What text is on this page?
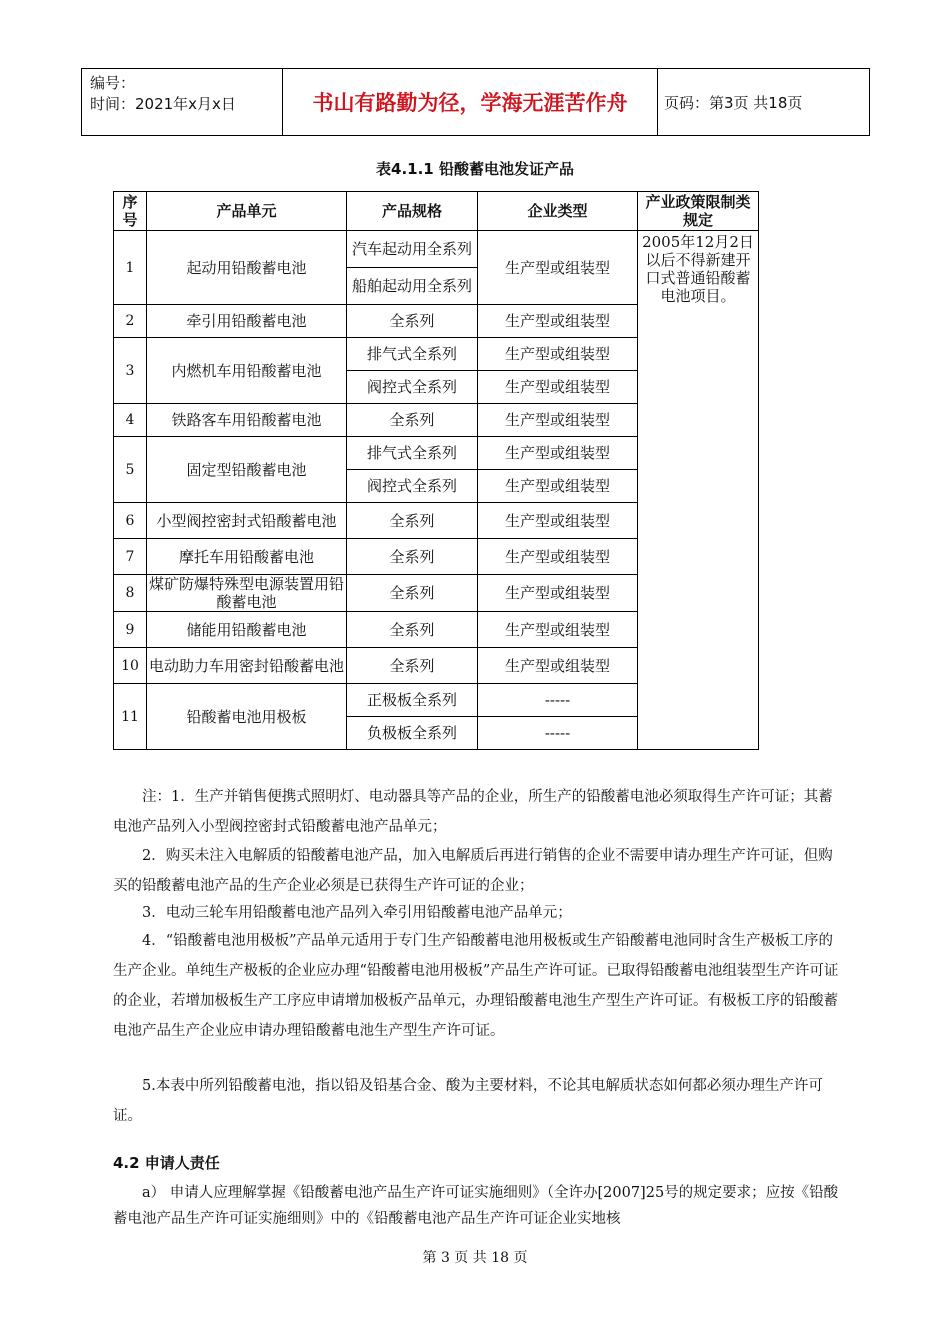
编号：
时间：2021年x月x日	书山有路勤为径，学海无涯苦作舟	页码：第3页 共18页
表4.1.1 铅酸蓄电池发证产品
序号	产品单元	产品规格	企业类型	产业政策限制类规定
1	起动用铅酸蓄电池	汽车起动用全系列	生产型或组装型	2005年12月2日以后不得新建开口式普通铅酸蓄电池项目。
		船舶起动用全系列		
2	牵引用铅酸蓄电池	全系列	生产型或组装型	
3	内燃机车用铅酸蓄电池	排气式全系列	生产型或组装型	
		阀控式全系列	生产型或组装型	
4	铁路客车用铅酸蓄电池	全系列	生产型或组装型	
5	固定型铅酸蓄电池	排气式全系列	生产型或组装型	
		阀控式全系列	生产型或组装型	
6	小型阀控密封式铅酸蓄电池	全系列	生产型或组装型	
7	摩托车用铅酸蓄电池	全系列	生产型或组装型	
8	煤矿防爆特殊型电源装置用铅酸蓄电池	全系列	生产型或组装型	
9	储能用铅酸蓄电池	全系列	生产型或组装型	
10	电动助力车用密封铅酸蓄电池	全系列	生产型或组装型	
11	铅酸蓄电池用极板	正极板全系列	-----	
		负极板全系列	-----	
注：1．生产并销售便携式照明灯、电动器具等产品的企业，所生产的铅酸蓄电池必须取得生产许可证；其蓄电池产品列入小型阀控密封式铅酸蓄电池产品单元；
2．购买未注入电解质的铅酸蓄电池产品，加入电解质后再进行销售的企业不需要申请办理生产许可证，但购买的铅酸蓄电池产品的生产企业必须是已获得生产许可证的企业；
3．电动三轮车用铅酸蓄电池产品列入牵引用铅酸蓄电池产品单元；
4．“铅酸蓄电池用极板”产品单元适用于专门生产铅酸蓄电池用极板或生产铅酸蓄电池同时含生产极板工序的生产企业。单纯生产极板的企业应办理“铅酸蓄电池用极板”产品生产许可证。已取得铅酸蓄电池组装型生产许可证的企业，若增加极板生产工序应申请增加极板产品单元，办理铅酸蓄电池生产型生产许可证。有极板工序的铅酸蓄电池产品生产企业应申请办理铅酸蓄电池生产型生产许可证。
5.本表中所列铅酸蓄电池，指以铅及铅基合金、酸为主要材料，不论其电解质状态如何都必须办理生产许可证。
4.2 申请人责任
a） 申请人应理解掌握《铅酸蓄电池产品生产许可证实施细则》（全许办[2007]25号的规定要求；应按《铅酸蓄电池产品生产许可证实施细则》中的《铅酸蓄电池产品生产许可证企业实地核
第 3 页 共 18 页
